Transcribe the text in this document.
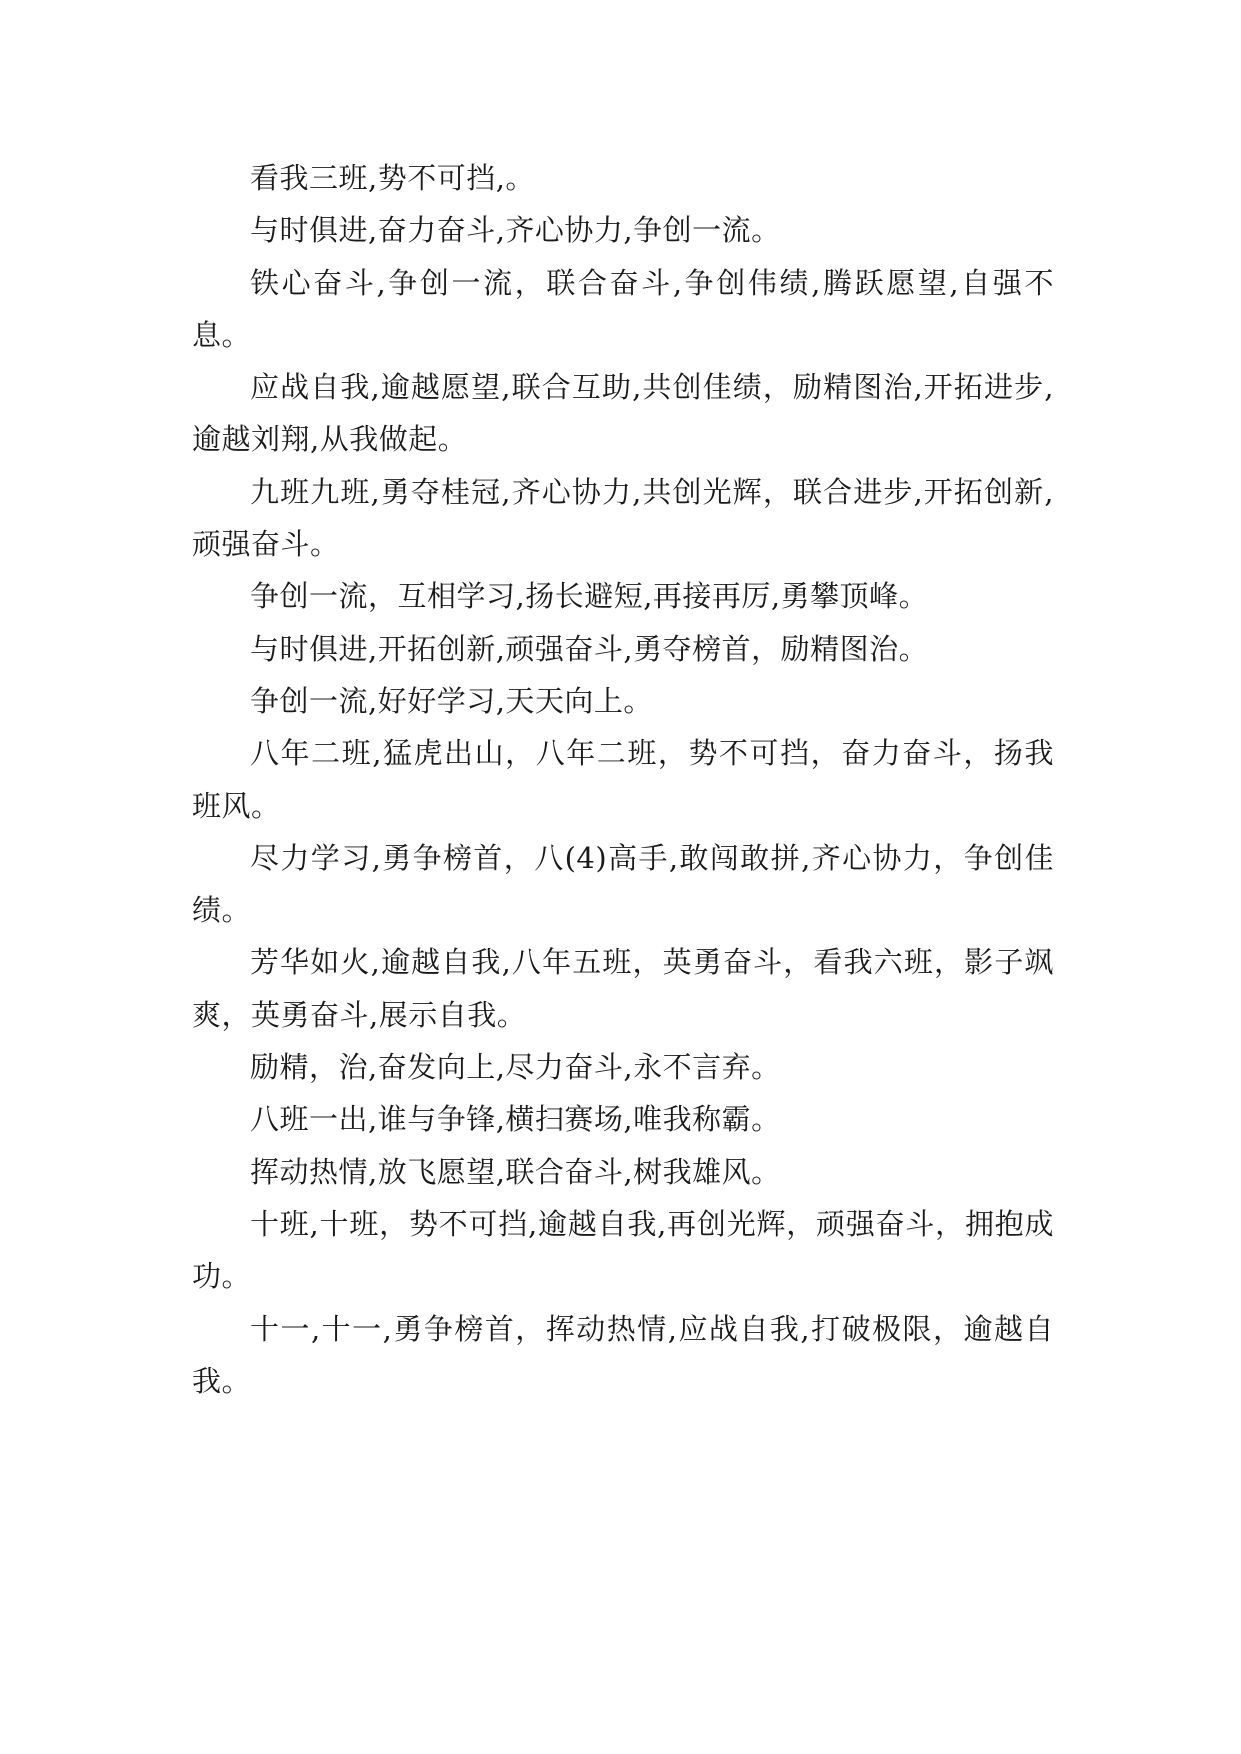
看我三班,势不可挡,。

与时俱进,奋力奋斗,齐心协力,争创一流。

铁心奋斗,争创一流，联合奋斗,争创伟绩,腾跃愿望,自强不息。

应战自我,逾越愿望,联合互助,共创佳绩，励精图治,开拓进步,逾越刘翔,从我做起。

九班九班,勇夺桂冠,齐心协力,共创光辉，联合进步,开拓创新,顽强奋斗。

争创一流，互相学习,扬长避短,再接再厉,勇攀顶峰。

与时俱进,开拓创新,顽强奋斗,勇夺榜首，励精图治。

争创一流,好好学习,天天向上。

八年二班,猛虎出山，八年二班，势不可挡，奋力奋斗，扬我班风。

尽力学习,勇争榜首，八(4)高手,敢闯敢拼,齐心协力，争创佳绩。

芳华如火,逾越自我,八年五班，英勇奋斗，看我六班，影子飒爽，英勇奋斗,展示自我。

励精，治,奋发向上,尽力奋斗,永不言弃。

八班一出,谁与争锋,横扫赛场,唯我称霸。

挥动热情,放飞愿望,联合奋斗,树我雄风。

十班,十班，势不可挡,逾越自我,再创光辉，顽强奋斗，拥抱成功。

十一,十一,勇争榜首，挥动热情,应战自我,打破极限，逾越自我。
